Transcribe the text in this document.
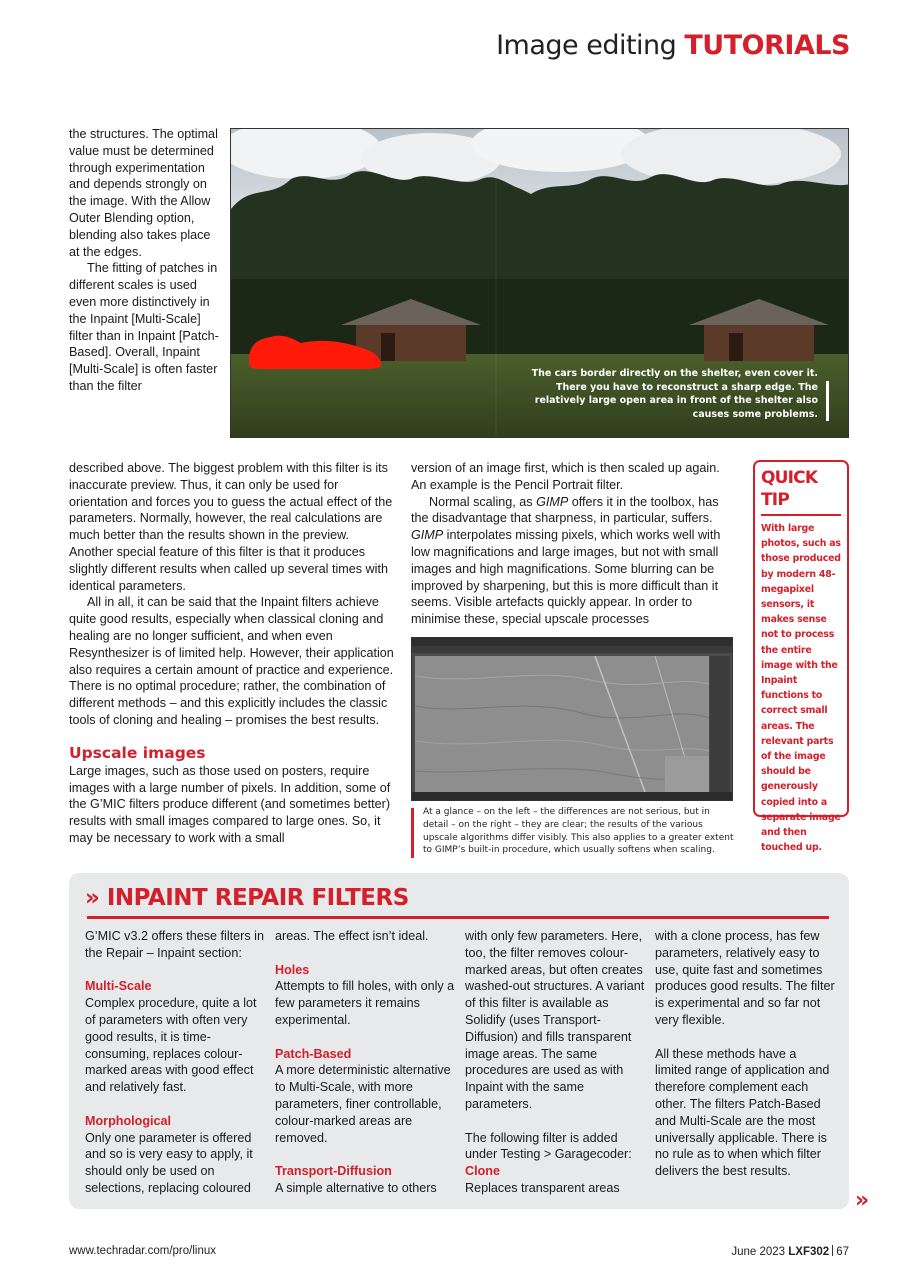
Image editing TUTORIALS
The cars border directly on the shelter, even cover it. There you have to reconstruct a sharp edge. The relatively large open area in front of the shelter also causes some problems.

the structures. The optimal value must be determined through experimentation and depends strongly on the image. With the Allow Outer Blending option, blending also takes place at the edges.

The fitting of patches in different scales is used even more distinctively in the Inpaint [Multi-Scale] filter than in Inpaint [Patch-Based]. Overall, Inpaint [Multi-Scale] is often faster than the filter

described above. The biggest problem with this filter is its inaccurate preview. Thus, it can only be used for orientation and forces you to guess the actual effect of the parameters. Normally, however, the real calculations are much better than the results shown in the preview. Another special feature of this filter is that it produces slightly different results when called up several times with identical parameters.

All in all, it can be said that the Inpaint filters achieve quite good results, especially when classical cloning and healing are no longer sufficient, and when even Resynthesizer is of limited help. However, their application also requires a certain amount of practice and experience. There is no optimal procedure; rather, the combination of different methods – and this explicitly includes the classic tools of cloning and healing – promises the best results.

Upscale images

Large images, such as those used on posters, require images with a large number of pixels. In addition, some of the G’MIC filters produce different (and sometimes better) results with small images compared to large ones. So, it may be necessary to work with a small

version of an image first, which is then scaled up again. An example is the Pencil Portrait filter.

Normal scaling, as GIMP offers it in the toolbox, has the disadvantage that sharpness, in particular, suffers. GIMP interpolates missing pixels, which works well with low magnifications and large images, but not with small images and high magnifications. Some blurring can be improved by sharpening, but this is more difficult than it seems. Visible artefacts quickly appear. In order to minimise these, special upscale processes

At a glance – on the left – the differences are not serious, but in detail – on the right – they are clear; the results of the various upscale algorithms differ visibly. This also applies to a greater extent to GIMP’s built-in procedure, which usually softens when scaling.
QUICK TIP
With large photos, such as those produced by modern 48-megapixel sensors, it makes sense not to process the entire image with the Inpaint functions to correct small areas. The relevant parts of the image should be generously copied into a separate image and then touched up.
» INPAINT REPAIR FILTERS

G’MIC v3.2 offers these filters in the Repair – Inpaint section:

Multi-Scale

Complex procedure, quite a lot of parameters with often very good results, it is time-consuming, replaces colour-marked areas with good effect and relatively fast.

Morphological

Only one parameter is offered and so is very easy to apply, it should only be used on selections, replacing coloured

areas. The effect isn’t ideal.

Holes

Attempts to fill holes, with only a few parameters it remains experimental.

Patch-Based

A more deterministic alternative to Multi-Scale, with more parameters, finer controllable, colour-marked areas are removed.

Transport-Diffusion

A simple alternative to others

with only few parameters. Here, too, the filter removes colour-marked areas, but often creates washed-out structures. A variant of this filter is available as Solidify (uses Transport-Diffusion) and fills transparent image areas. The same procedures are used as with Inpaint with the same parameters.

The following filter is added under Testing > Garagecoder:

Clone

Replaces transparent areas

with a clone process, has few parameters, relatively easy to use, quite fast and sometimes produces good results. The filter is experimental and so far not very flexible.

All these methods have a limited range of application and therefore complement each other. The filters Patch-Based and Multi-Scale are the most universally applicable. There is no rule as to when which filter delivers the best results.

»
www.techradar.com/pro/linux	June 2023 LXF302 67
